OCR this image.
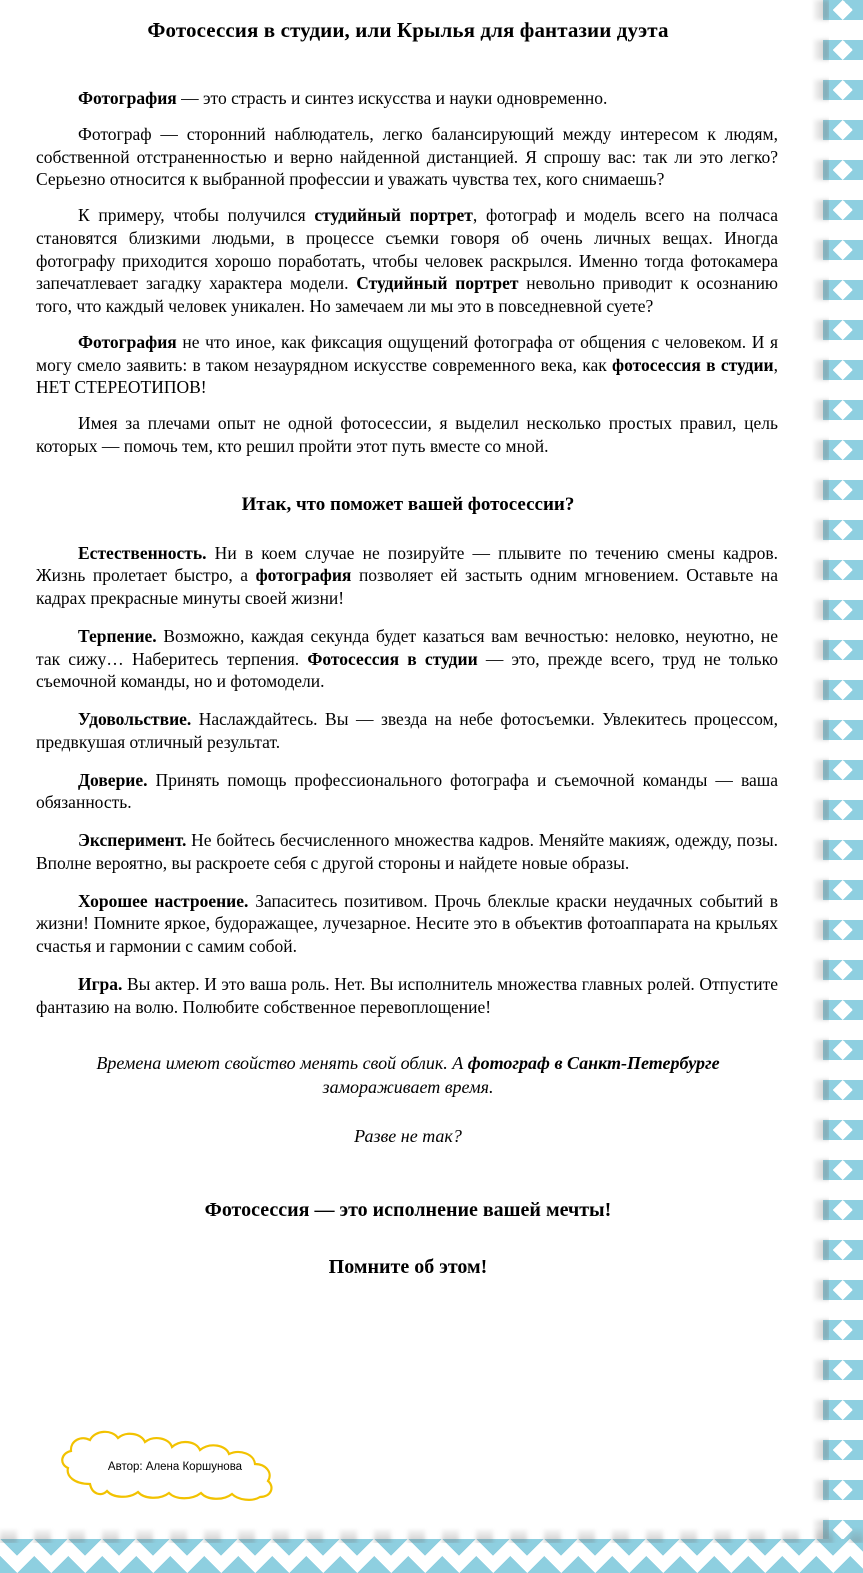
Фотосессия в студии, или Крылья для фантазии дуэта

Фотография — это страсть и синтез искусства и науки одновременно.

Фотограф — сторонний наблюдатель, легко балансирующий между интересом к людям, собственной отстраненностью и верно найденной дистанцией. Я спрошу вас: так ли это легко? Серьезно относится к выбранной профессии и уважать чувства тех, кого снимаешь?

К примеру, чтобы получился студийный портрет, фотограф и модель всего на полчаса становятся близкими людьми, в процессе съемки говоря об очень личных вещах. Иногда фотографу приходится хорошо поработать, чтобы человек раскрылся. Именно тогда фотокамера запечатлевает загадку характера модели. Студийный портрет невольно приводит к осознанию того, что каждый человек уникален. Но замечаем ли мы это в повседневной суете?

Фотография не что иное, как фиксация ощущений фотографа от общения с человеком. И я могу смело заявить: в таком незаурядном искусстве современного века, как фотосессия в студии, НЕТ СТЕРЕОТИПОВ!

Имея за плечами опыт не одной фотосессии, я выделил несколько простых правил, цель которых — помочь тем, кто решил пройти этот путь вместе со мной.

Итак, что поможет вашей фотосессии?

Естественность. Ни в коем случае не позируйте — плывите по течению смены кадров. Жизнь пролетает быстро, а фотография позволяет ей застыть одним мгновением. Оставьте на кадрах прекрасные минуты своей жизни!

Терпение. Возможно, каждая секунда будет казаться вам вечностью: неловко, неуютно, не так сижу… Наберитесь терпения. Фотосессия в студии — это, прежде всего, труд не только съемочной команды, но и фотомодели.

Удовольствие. Наслаждайтесь. Вы — звезда на небе фотосъемки. Увлекитесь процессом, предвкушая отличный результат.

Доверие. Принять помощь профессионального фотографа и съемочной команды — ваша обязанность.

Эксперимент. Не бойтесь бесчисленного множества кадров. Меняйте макияж, одежду, позы. Вполне вероятно, вы раскроете себя с другой стороны и найдете новые образы.

Хорошее настроение. Запаситесь позитивом. Прочь блеклые краски неудачных событий в жизни! Помните яркое, будоражащее, лучезарное. Несите это в объектив фотоаппарата на крыльях счастья и гармонии с самим собой.

Игра. Вы актер. И это ваша роль. Нет. Вы исполнитель множества главных ролей. Отпустите фантазию на волю. Полюбите собственное перевоплощение!

Времена имеют свойство менять свой облик. А фотограф в Санкт-Петербурге замораживает время.

Разве не так?

Фотосессия — это исполнение вашей мечты!
Помните об этом!
Автор: Алена Коршунова
